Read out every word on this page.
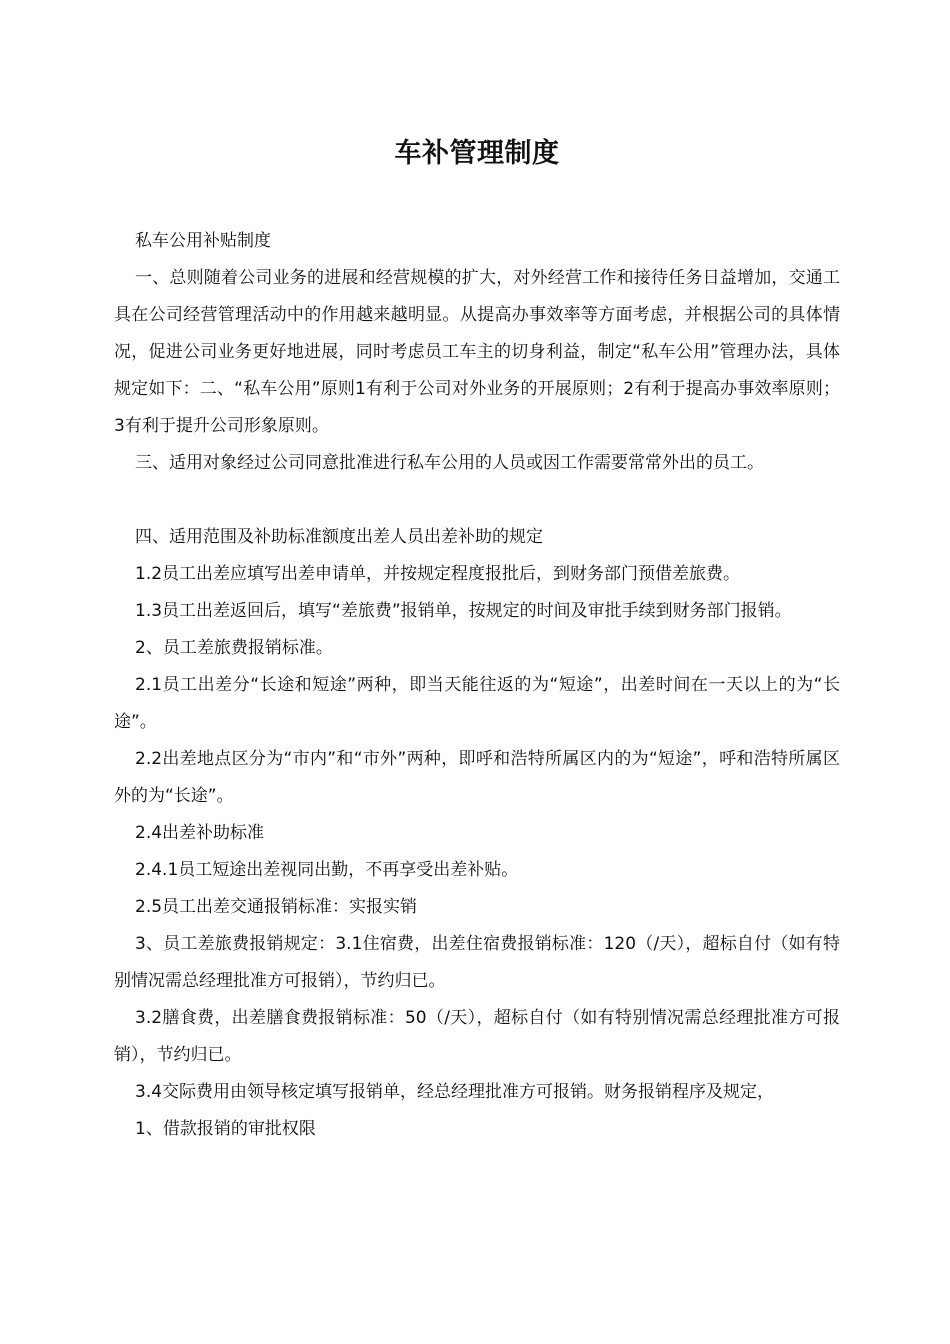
车补管理制度

私车公用补贴制度

一、总则随着公司业务的进展和经营规模的扩大，对外经营工作和接待任务日益增加，交通工具在公司经营管理活动中的作用越来越明显。从提高办事效率等方面考虑，并根据公司的具体情况，促进公司业务更好地进展，同时考虑员工车主的切身利益，制定“私车公用”管理办法，具体规定如下：二、“私车公用”原则1有利于公司对外业务的开展原则；2有利于提高办事效率原则；3有利于提升公司形象原则。

三、适用对象经过公司同意批准进行私车公用的人员或因工作需要常常外出的员工。

四、适用范围及补助标准额度出差人员出差补助的规定

1.2员工出差应填写出差申请单，并按规定程度报批后，到财务部门预借差旅费。

1.3员工出差返回后，填写“差旅费”报销单，按规定的时间及审批手续到财务部门报销。

2、员工差旅费报销标准。

2.1员工出差分“长途和短途”两种，即当天能往返的为“短途”，出差时间在一天以上的为“长途”。

2.2出差地点区分为“市内”和“市外”两种，即呼和浩特所属区内的为“短途”，呼和浩特所属区外的为“长途”。

2.4出差补助标准

2.4.1员工短途出差视同出勤，不再享受出差补贴。

2.5员工出差交通报销标准：实报实销

3、员工差旅费报销规定：3.1住宿费，出差住宿费报销标准：120（/天），超标自付（如有特别情况需总经理批准方可报销），节约归已。

3.2膳食费，出差膳食费报销标准：50（/天），超标自付（如有特别情况需总经理批准方可报销），节约归已。

3.4交际费用由领导核定填写报销单，经总经理批准方可报销。财务报销程序及规定，

1、借款报销的审批权限
